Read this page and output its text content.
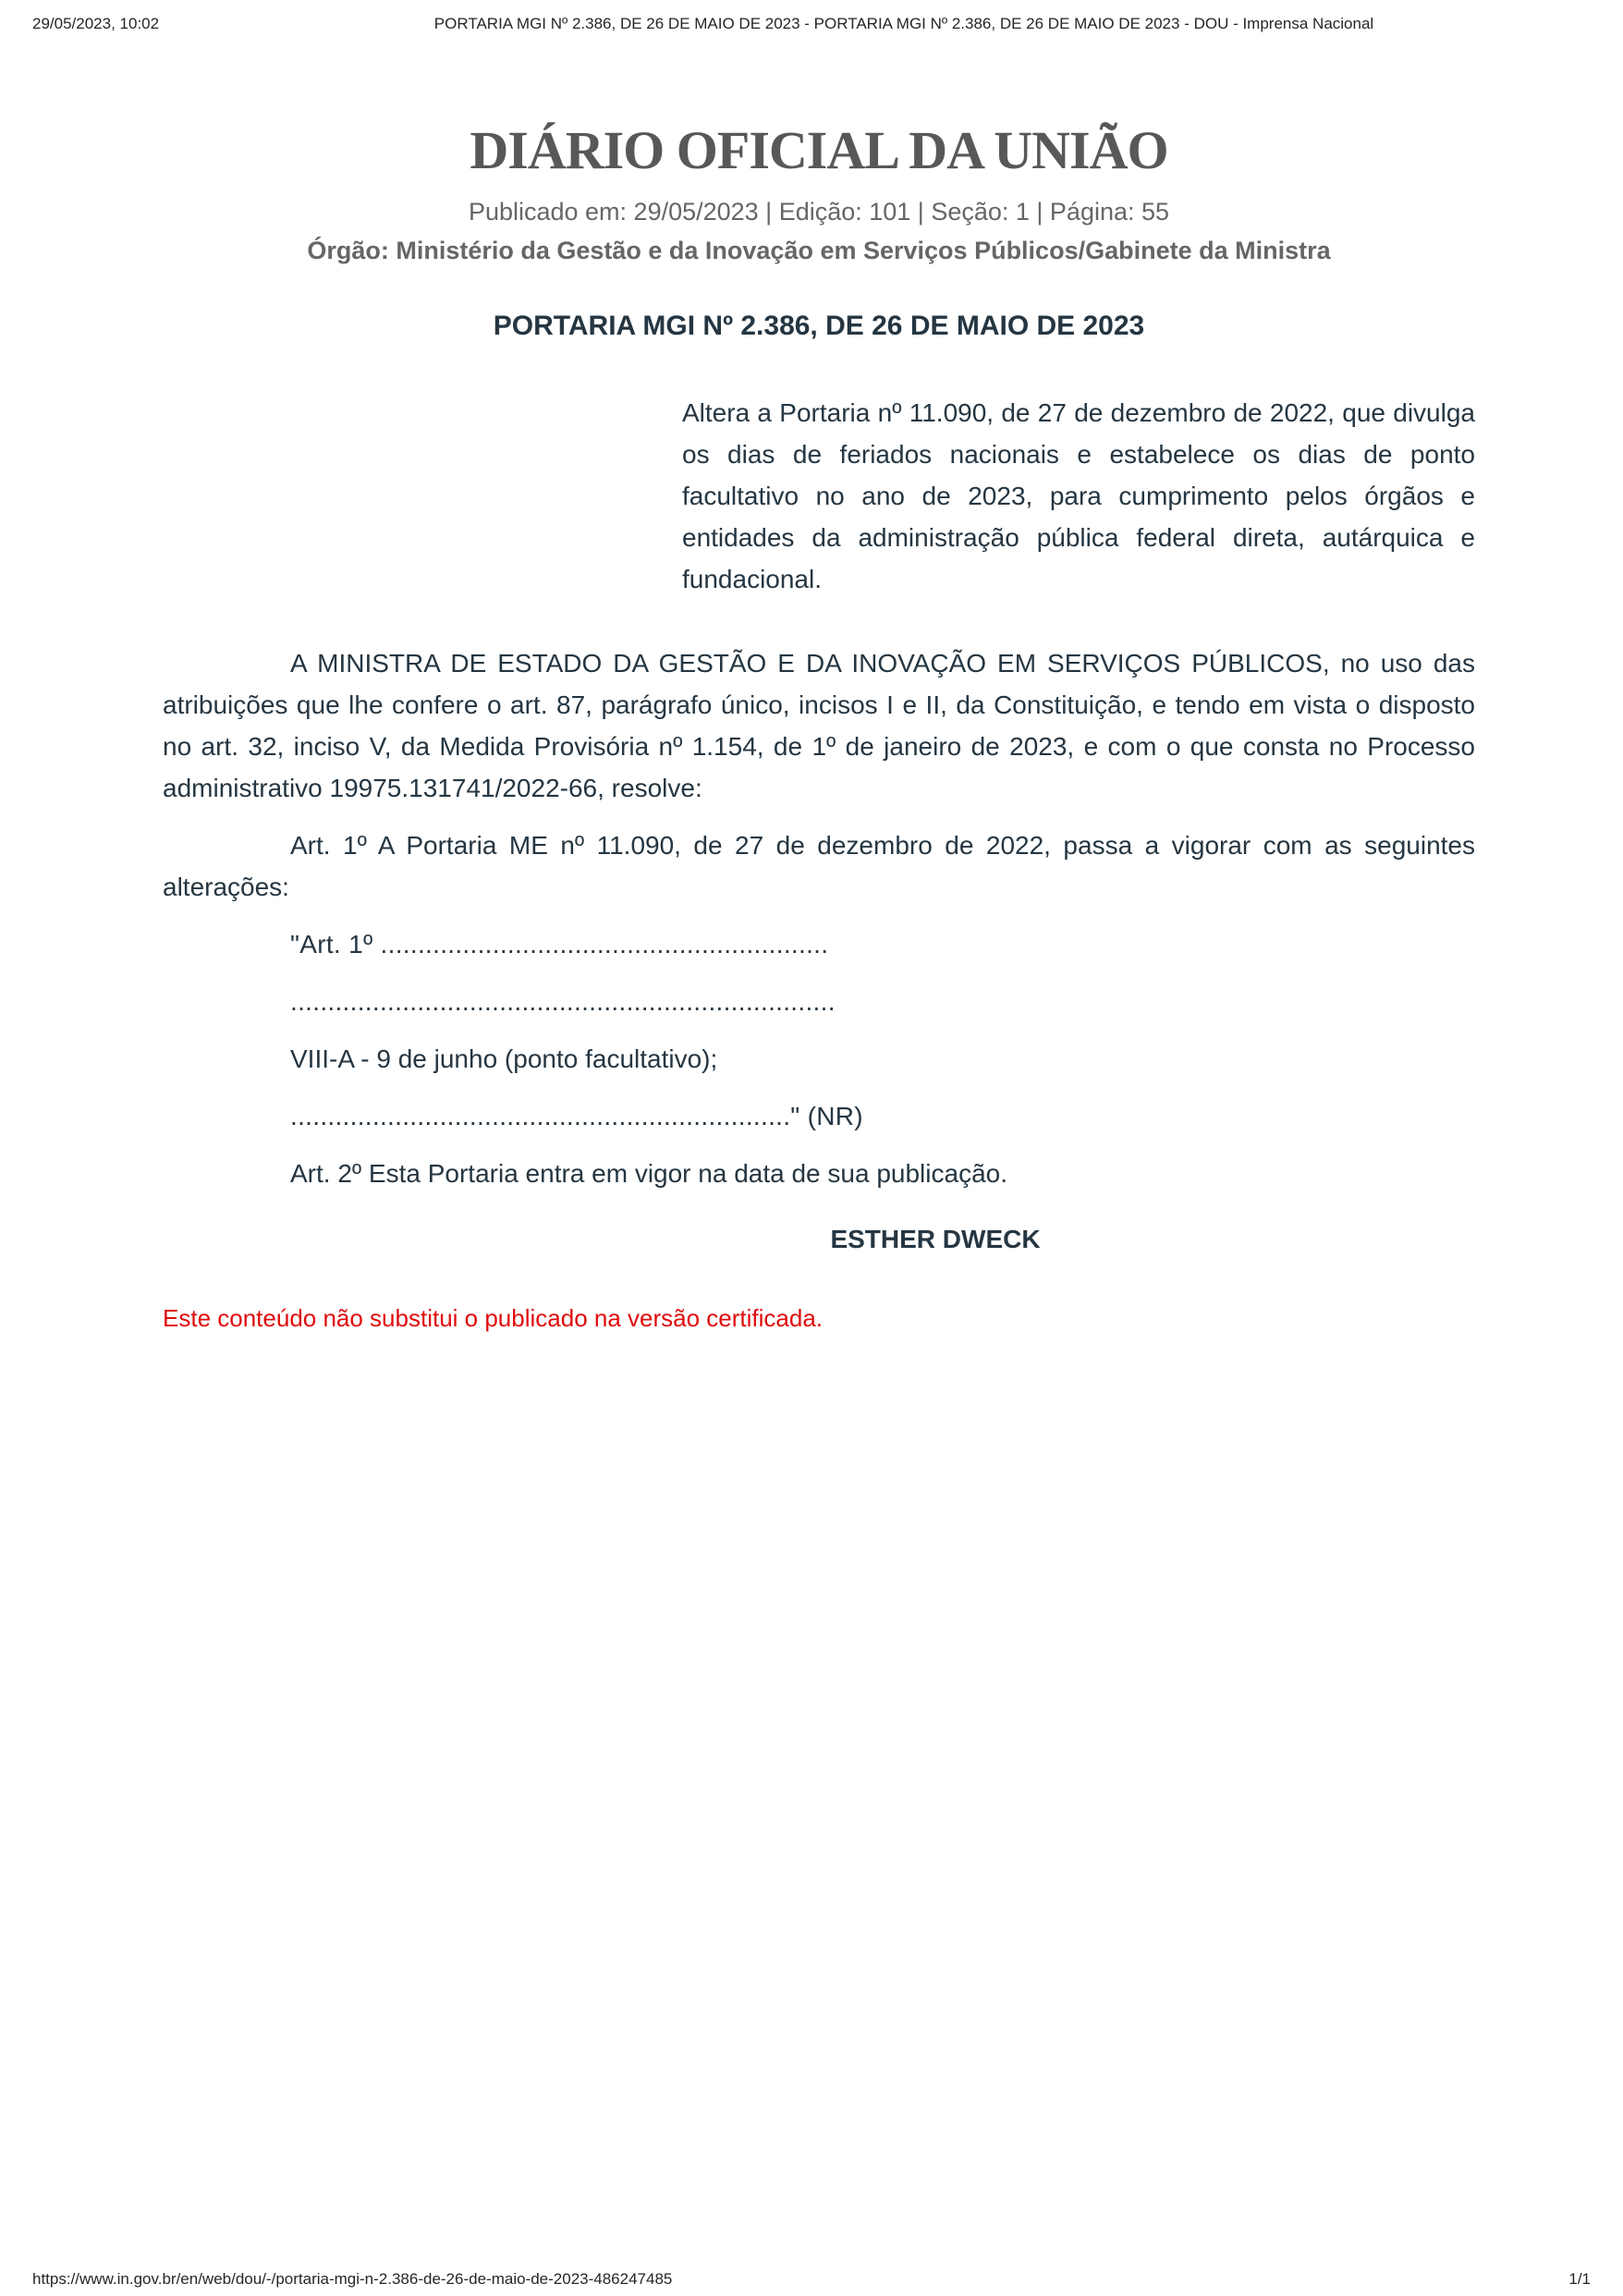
29/05/2023, 10:02	PORTARIA MGI Nº 2.386, DE 26 DE MAIO DE 2023 - PORTARIA MGI Nº 2.386, DE 26 DE MAIO DE 2023 - DOU - Imprensa Nacional
DIÁRIO OFICIAL DA UNIÃO
Publicado em: 29/05/2023 | Edição: 101 | Seção: 1 | Página: 55
Órgão: Ministério da Gestão e da Inovação em Serviços Públicos/Gabinete da Ministra
PORTARIA MGI Nº 2.386, DE 26 DE MAIO DE 2023

Altera a Portaria nº 11.090, de 27 de dezembro de 2022, que divulga os dias de feriados nacionais e estabelece os dias de ponto facultativo no ano de 2023, para cumprimento pelos órgãos e entidades da administração pública federal direta, autárquica e fundacional.

A MINISTRA DE ESTADO DA GESTÃO E DA INOVAÇÃO EM SERVIÇOS PÚBLICOS, no uso das atribuições que lhe confere o art. 87, parágrafo único, incisos I e II, da Constituição, e tendo em vista o disposto no art. 32, inciso V, da Medida Provisória nº 1.154, de 1º de janeiro de 2023, e com o que consta no Processo administrativo 19975.131741/2022-66, resolve:

Art. 1º A Portaria ME nº 11.090, de 27 de dezembro de 2022, passa a vigorar com as seguintes alterações:

"Art. 1º ............................................................

.........................................................................

VIII-A - 9 de junho (ponto facultativo);

..................................................................." (NR)

Art. 2º Esta Portaria entra em vigor na data de sua publicação.

ESTHER DWECK
Este conteúdo não substitui o publicado na versão certificada.
https://www.in.gov.br/en/web/dou/-/portaria-mgi-n-2.386-de-26-de-maio-de-2023-486247485	1/1
